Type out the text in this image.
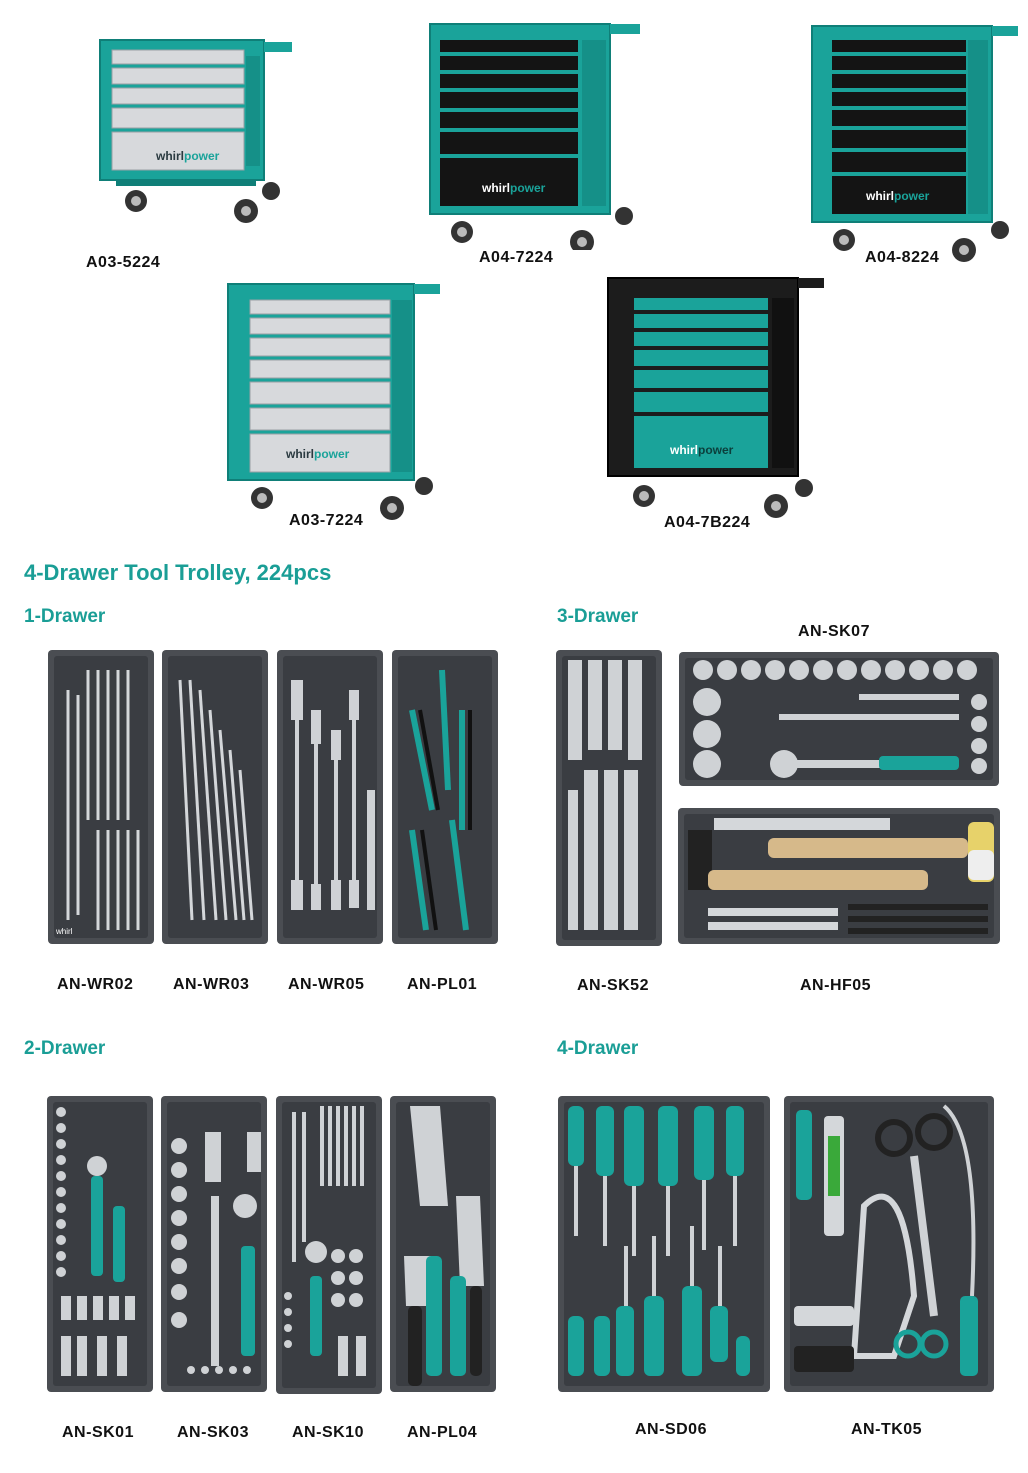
whirlpower
A03-5224
whirlpower
A04-7224
whirlpower
A04-8224
whirlpower
A03-7224
whirlpower
A04-7B224
4-Drawer Tool Trolley, 224pcs
1-Drawer	3-Drawer
2-Drawer	4-Drawer
whirl
AN-WR02 AN-WR03 AN-WR05	AN-PL01
AN-SK07
AN-SK52	AN-HF05
AN-SK01	AN-SK03	AN-SK10	AN-PL04	AN-SD06	AN-TK05
